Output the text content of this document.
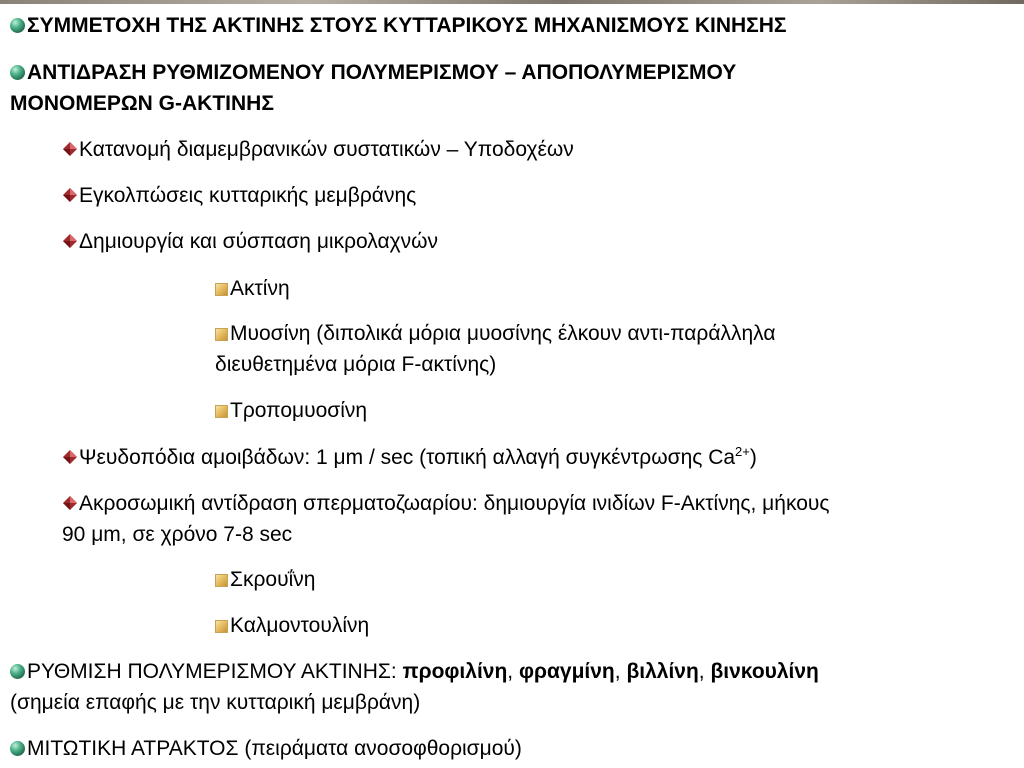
ΣΥΜΜΕΤΟΧΗ ΤΗΣ ΑΚΤΙΝΗΣ ΣΤΟΥΣ ΚΥΤΤΑΡΙΚΟΥΣ ΜΗΧΑΝΙΣΜΟΥΣ ΚΙΝΗΣΗΣ
ΑΝΤΙΔΡΑΣΗ ΡΥΘΜΙΖΟΜΕΝΟΥ ΠΟΛΥΜΕΡΙΣΜΟΥ – ΑΠΟΠΟΛΥΜΕΡΙΣΜΟΥ
ΜΟΝΟΜΕΡΩΝ G-ΑΚΤΙΝΗΣ
Κατανομή διαμεμβρανικών συστατικών – Υποδοχέων
Εγκολπώσεις κυτταρικής μεμβράνης
Δημιουργία και σύσπαση μικρολαχνών
Ακτίνη
Μυοσίνη (διπολικά μόρια μυοσίνης έλκουν αντι-παράλληλα
διευθετημένα μόρια F-ακτίνης)
Τροπομυοσίνη
Ψευδοπόδια αμοιβάδων: 1 μm / sec (τοπική αλλαγή συγκέντρωσης $Ca^{2+}$)
Ακροσωμική αντίδραση σπερματοζωαρίου: δημιουργία ινιδίων F-Ακτίνης, μήκους
90 μm, σε χρόνο 7-8 sec
Σκρουΐνη
Καλμοντουλίνη
ΡΥΘΜΙΣΗ ΠΟΛΥΜΕΡΙΣΜΟΥ ΑΚΤΙΝΗΣ: προφιλίνη, φραγμίνη, βιλλίνη, βινκουλίνη
(σημεία επαφής με την κυτταρική μεμβράνη)
ΜΙΤΩΤΙΚΗ ΑΤΡΑΚΤΟΣ (πειράματα ανοσοφθορισμού)
